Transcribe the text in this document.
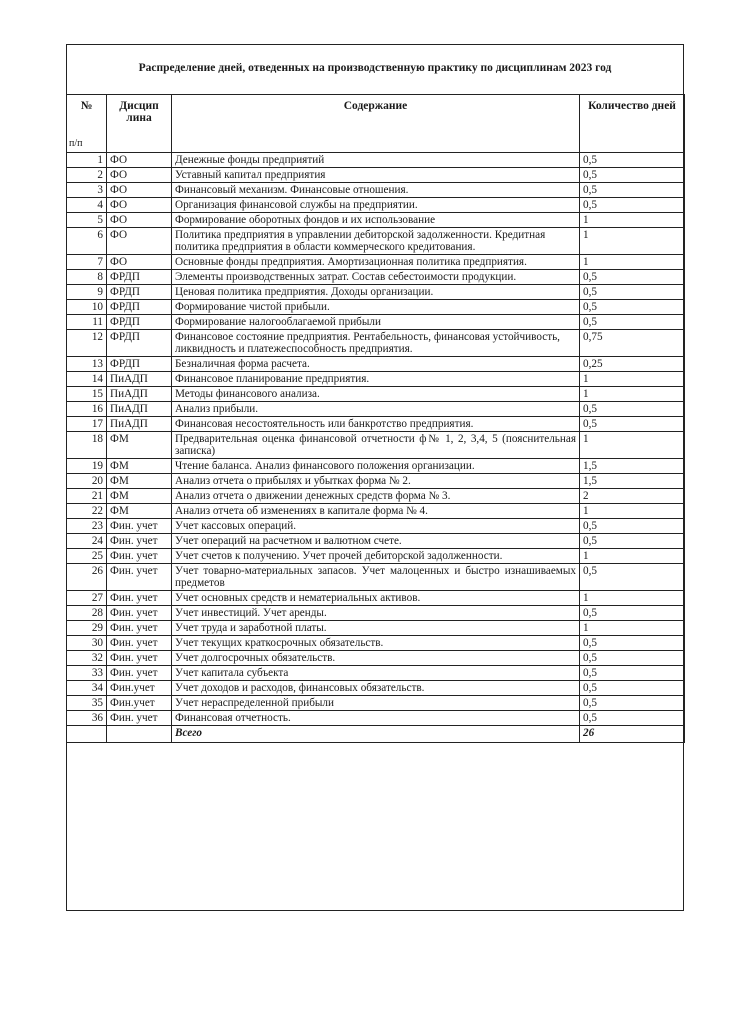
Распределение дней, отведенных на производственную практику по дисциплинам 2023 год
№
п/п	Дисцип лина	Содержание	Количество дней
1	ФО	Денежные фонды предприятий	0,5
2	ФО	Уставный капитал предприятия	0,5
3	ФО	Финансовый механизм. Финансовые отношения.	0,5
4	ФО	Организация финансовой службы на предприятии.	0,5
5	ФО	Формирование оборотных фондов и их использование	1
6	ФО	Политика предприятия в управлении дебиторской задолженности. Кредитная политика предприятия в области коммерческого кредитования.	1
7	ФО	Основные фонды предприятия. Амортизационная политика предприятия.	1
8	ФРДП	Элементы производственных затрат. Состав себестоимости продукции.	0,5
9	ФРДП	Ценовая политика предприятия. Доходы организации.	0,5
10	ФРДП	Формирование чистой прибыли.	0,5
11	ФРДП	Формирование налогооблагаемой прибыли	0,5
12	ФРДП	Финансовое состояние предприятия. Рентабельность, финансовая устойчивость, ликвидность и платежеспособность предприятия.	0,75
13	ФРДП	Безналичная форма расчета.	0,25
14	ПиАДП	Финансовое планирование предприятия.	1
15	ПиАДП	Методы финансового анализа.	1
16	ПиАДП	Анализ прибыли.	0,5
17	ПиАДП	Финансовая несостоятельность или банкротство предприятия.	0,5
18	ФМ	Предварительная оценка финансовой отчетности ф№ 1, 2, 3,4, 5 (пояснительная записка)	1
19	ФМ	Чтение баланса. Анализ финансового положения организации.	1,5
20	ФМ	Анализ отчета о прибылях и убытках форма № 2.	1,5
21	ФМ	Анализ отчета о движении денежных средств форма № 3.	2
22	ФМ	Анализ отчета об изменениях в капитале форма № 4.	1
23	Фин. учет	Учет кассовых операций.	0,5
24	Фин. учет	Учет операций на расчетном и валютном счете.	0,5
25	Фин. учет	Учет счетов к получению. Учет прочей дебиторской задолженности.	1
26	Фин. учет	Учет товарно-материальных запасов. Учет малоценных и быстро изнашиваемых предметов	0,5
27	Фин. учет	Учет основных средств и нематериальных активов.	1
28	Фин. учет	Учет инвестиций. Учет аренды.	0,5
29	Фин. учет	Учет труда и заработной платы.	1
30	Фин. учет	Учет текущих краткосрочных обязательств.	0,5
32	Фин. учет	Учет долгосрочных обязательств.	0,5
33	Фин. учет	Учет капитала субъекта	0,5
34	Фин.учет	Учет доходов и расходов, финансовых обязательств.	0,5
35	Фин.учет	Учет нераспределенной прибыли	0,5
36	Фин. учет	Финансовая отчетность.	0,5
		Всего	26
